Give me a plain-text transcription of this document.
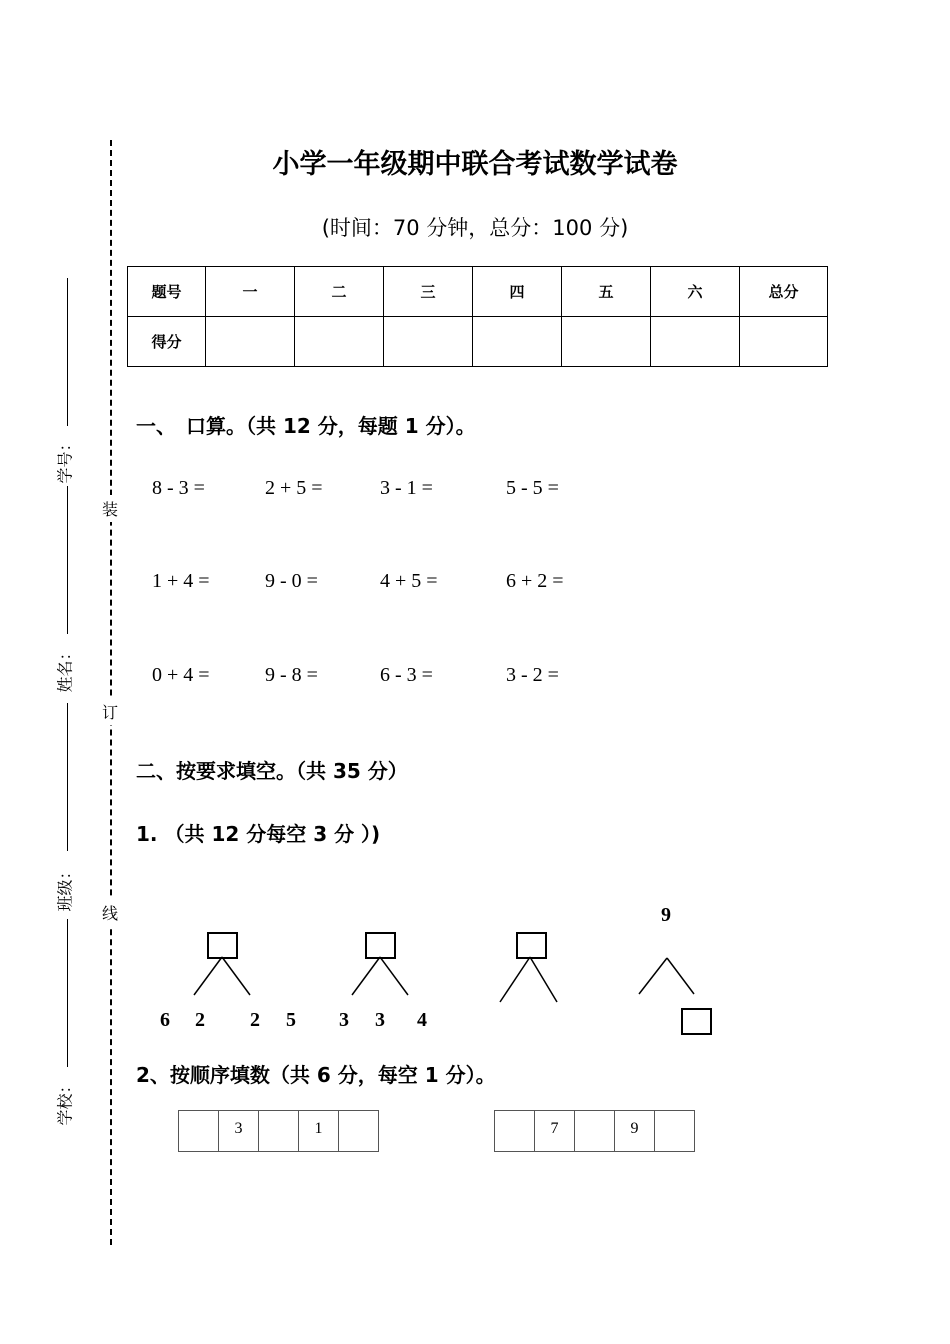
装
订
线
学号：
姓名：
班级：
学校：
小学一年级期中联合考试数学试卷
(时间：70 分钟，总分：100 分)
题号	一	二	三	四	五	六	总分
得分							
一、　口算。（共 12 分，每题 1 分）。
8 - 3 =	2 + 5 =	3 - 1 =	5 - 5 =
1 + 4 =	9 - 0 =	4 + 5 =	6 + 2 =
0 + 4 =	9 - 8 =	6 - 3 =	3 - 2 =
二、按要求填空。（共 35 分）
1. （共 12 分每空 3 分 ）)
9
6 2 2 5 3 3 4
2、按顺序填数（共 6 分，每空 1 分）。
3	1	7	9
